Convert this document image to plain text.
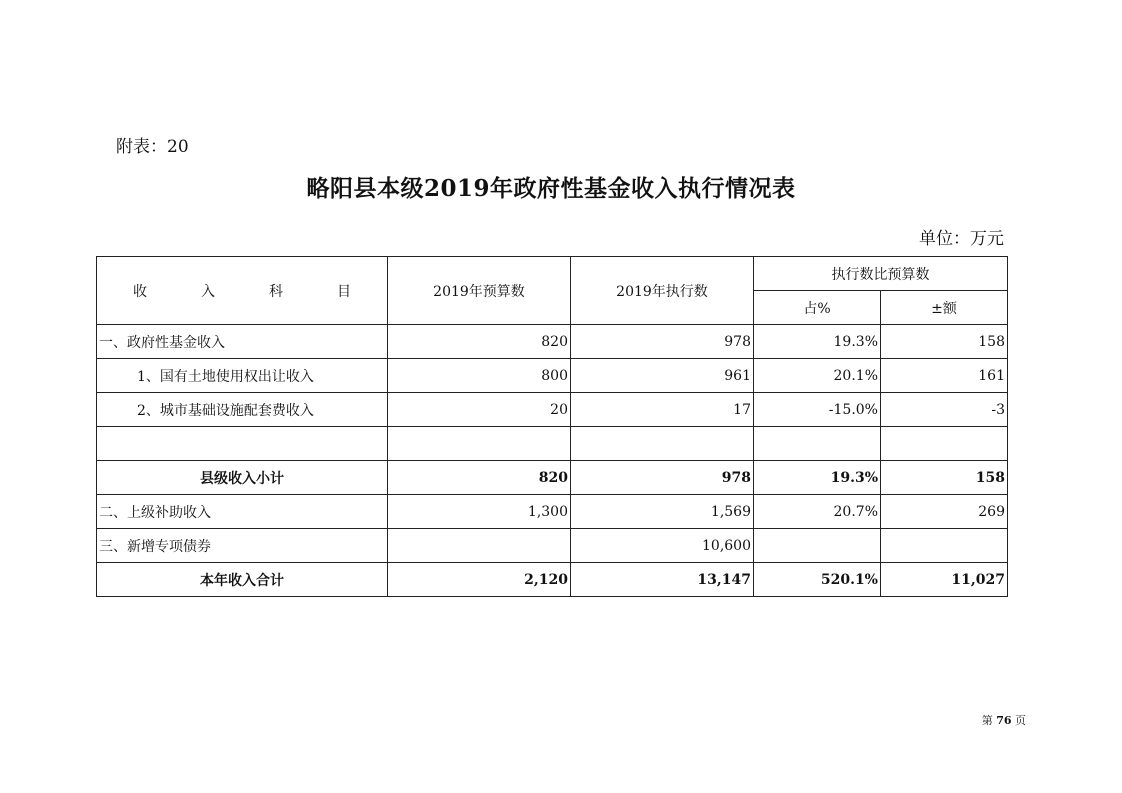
附表：20
略阳县本级2019年政府性基金收入执行情况表
单位：万元
收　入　科　目	2019年预算数	2019年执行数	执行数比预算数	
			占%	±额
一、政府性基金收入	820	978	19.3%	158
1、国有土地使用权出让收入	800	961	20.1%	161
2、城市基础设施配套费收入	20	17	-15.0%	-3

县级收入小计	820	978	19.3%	158
二、上级补助收入	1,300	1,569	20.7%	269
三、新增专项债券		10,600		
本年收入合计	2,120	13,147	520.1%	11,027
第 76 页
